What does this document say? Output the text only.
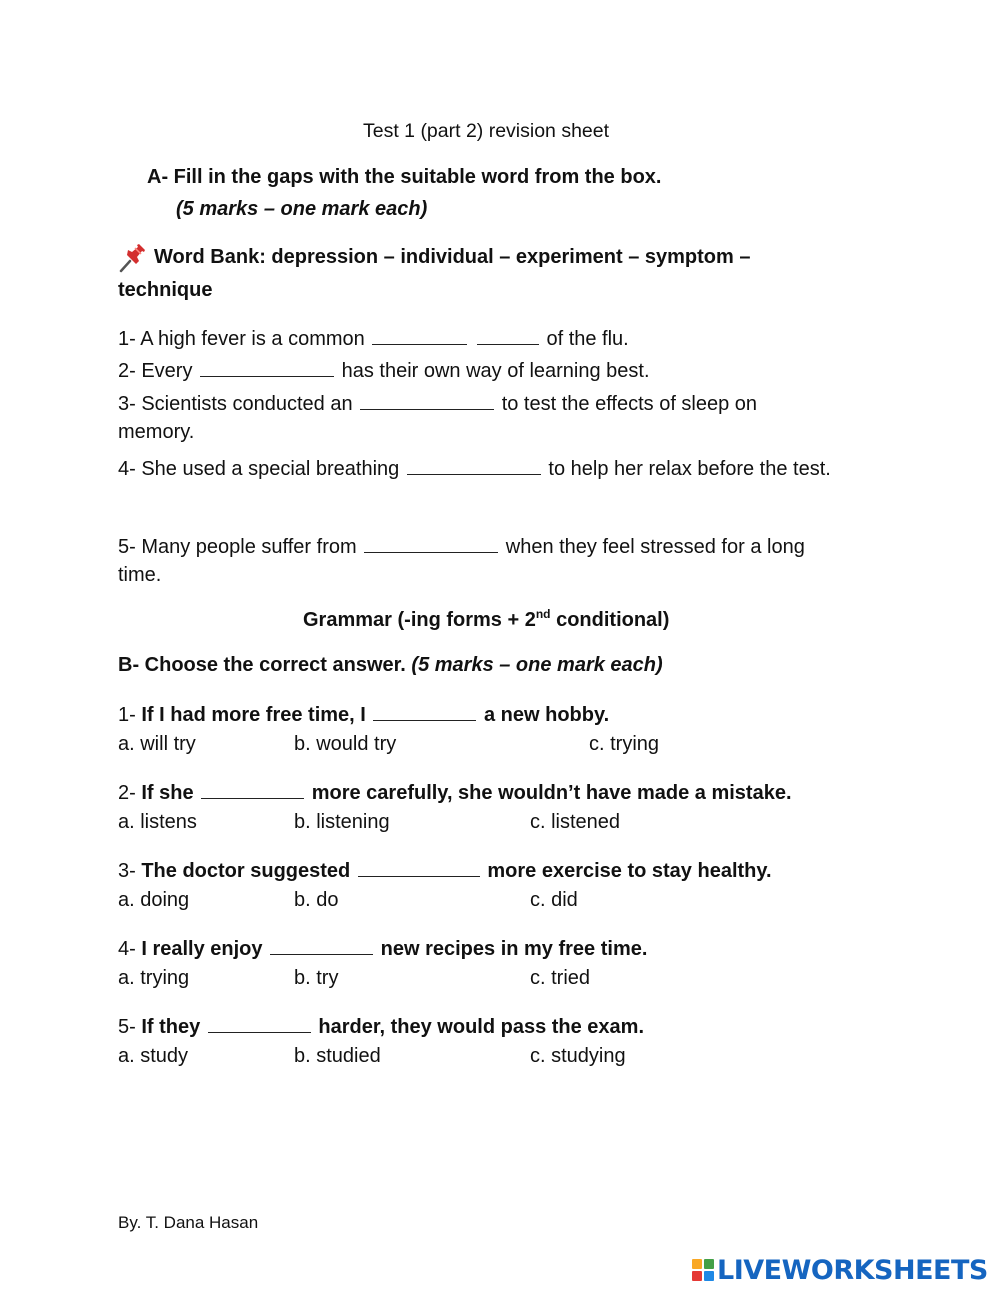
Test 1 (part 2) revision sheet
A- Fill in the gaps with the suitable word from the box.
(5 marks – one mark each)
Word Bank: depression – individual – experiment – symptom –
technique
1- A high fever is a common	of the flu.
2- Every	has their own way of learning best.
3- Scientists conducted an	to test the effects of sleep on
memory.
4- She used a special breathing	to help her relax before the test.
5- Many people suffer from	when they feel stressed for a long
time.
Grammar (-ing forms + 2nd conditional)
B- Choose the correct answer. (5 marks – one mark each)
1- If I had more free time, I	a new hobby.
a. will try	b. would try	c. trying
2- If she	more carefully, she wouldn’t have made a mistake.
a. listens	b. listening	c. listened
3- The doctor suggested	more exercise to stay healthy.
a. doing	b. do	c. did
4- I really enjoy	new recipes in my free time.
a. trying	b. try	c. tried
5- If they	harder, they would pass the exam.
a. study	b. studied	c. studying
By. T. Dana Hasan
LIVEWORKSHEETS
